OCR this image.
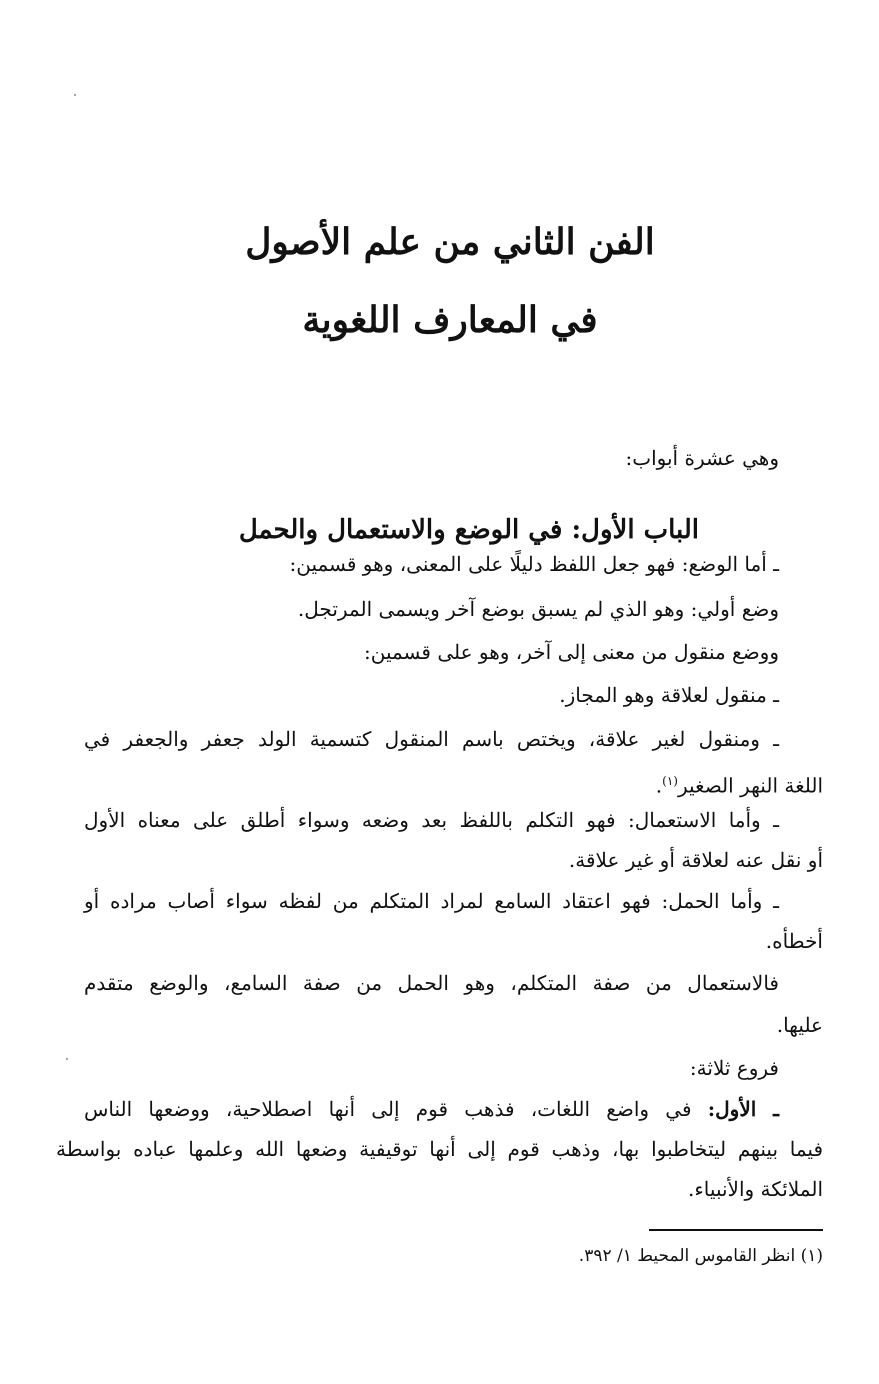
الفن الثاني من علم الأصول
في المعارف اللغوية
وهي عشرة أبواب:
الباب الأول: في الوضع والاستعمال والحمل
ـ أما الوضع: فهو جعل اللفظ دليلًا على المعنى، وهو قسمين:
وضع أولي: وهو الذي لم يسبق بوضع آخر ويسمى المرتجل.
ووضع منقول من معنى إلى آخر، وهو على قسمين:
ـ منقول لعلاقة وهو المجاز.
ـ ومنقول لغير علاقة، ويختص باسم المنقول كتسمية الولد جعفر والجعفر في
اللغة النهر الصغير$^{(١)}$.
ـ وأما الاستعمال: فهو التكلم باللفظ بعد وضعه وسواء أطلق على معناه الأول
أو نقل عنه لعلاقة أو غير علاقة.
ـ وأما الحمل: فهو اعتقاد السامع لمراد المتكلم من لفظه سواء أصاب مراده أو
أخطأه.
فالاستعمال من صفة المتكلم، وهو الحمل من صفة السامع، والوضع متقدم
عليها.
فروع ثلاثة:
ـ الأول: في واضع اللغات، فذهب قوم إلى أنها اصطلاحية، ووضعها الناس
فيما بينهم ليتخاطبوا بها، وذهب قوم إلى أنها توقيفية وضعها الله وعلمها عباده بواسطة
الملائكة والأنبياء.
(١) انظر القاموس المحيط ١/ ٣٩٢.
